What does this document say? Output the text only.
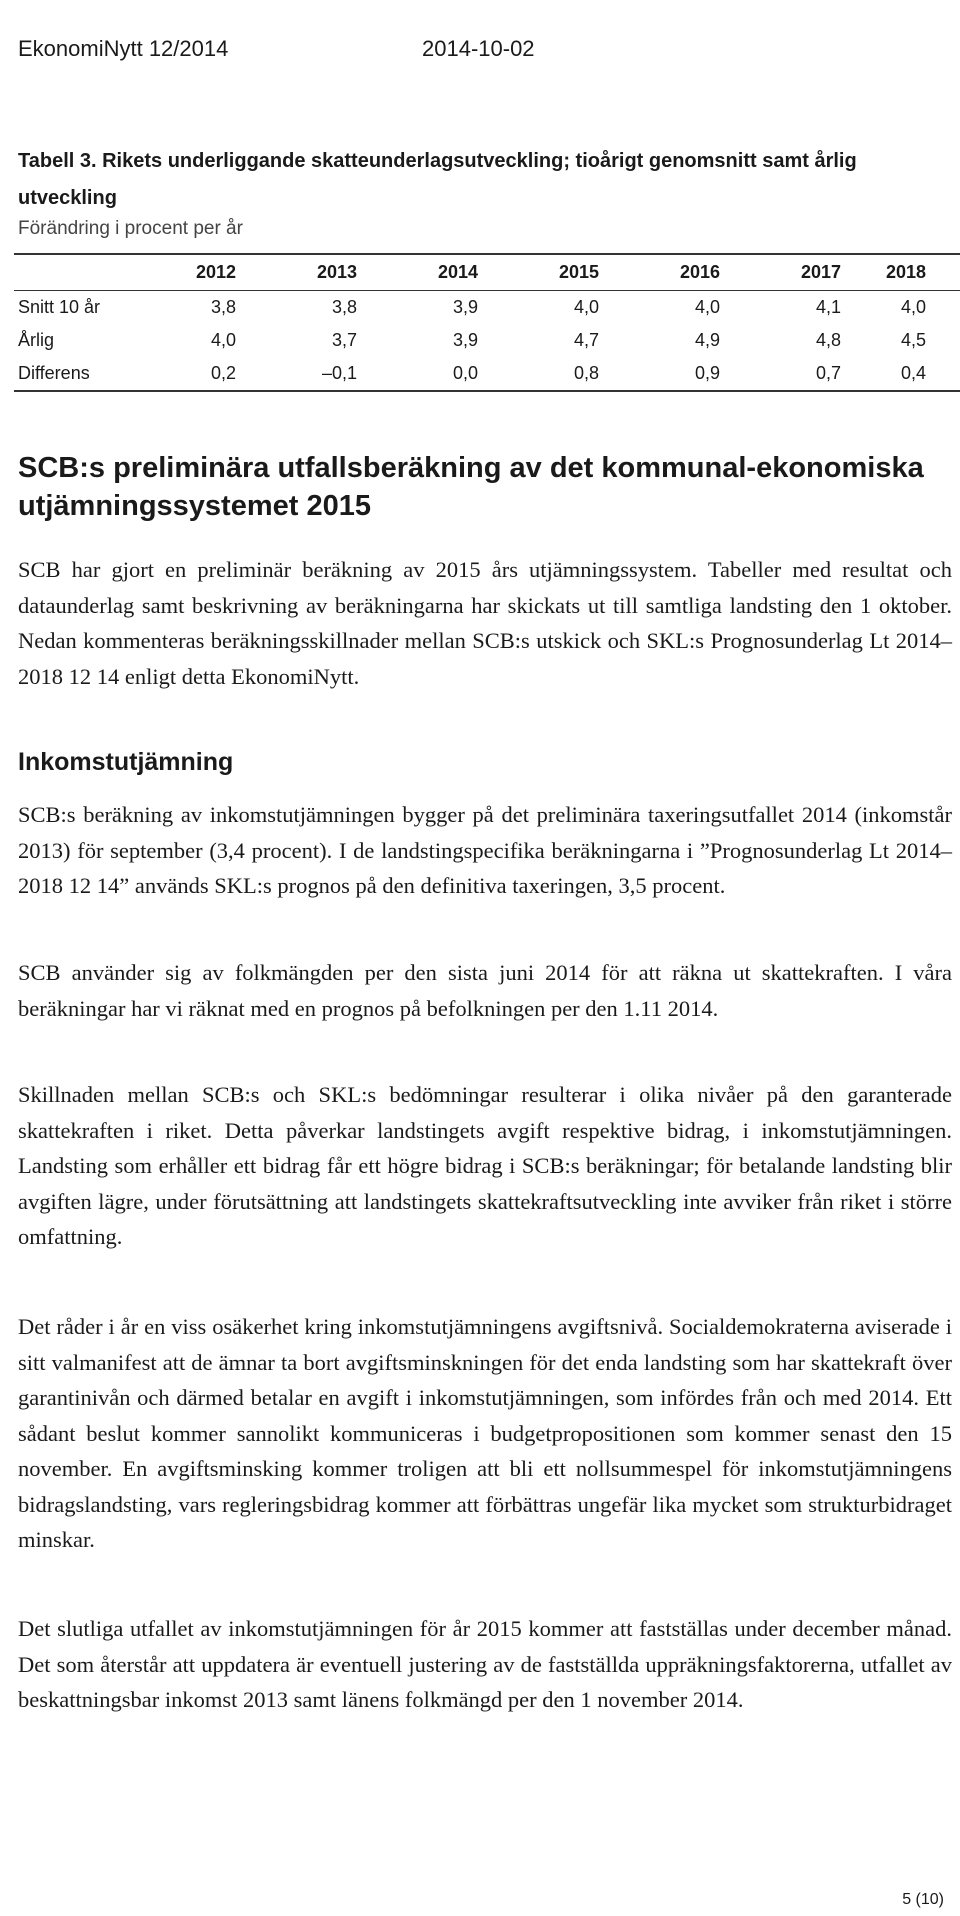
EkonomiNytt 12/2014	2014-10-02
Tabell 3. Rikets underliggande skatteunderlagsutveckling; tioårigt genomsnitt samt årlig utveckling
Förändring i procent per år
	2012	2013	2014	2015	2016	2017	2018
Snitt 10 år	3,8	3,8	3,9	4,0	4,0	4,1	4,0
Årlig	4,0	3,7	3,9	4,7	4,9	4,8	4,5
Differens	0,2	–0,1	0,0	0,8	0,9	0,7	0,4
SCB:s preliminära utfallsberäkning av det kommunal-ekonomiska utjämningssystemet 2015

SCB har gjort en preliminär beräkning av 2015 års utjämningssystem. Tabeller med resultat och dataunderlag samt beskrivning av beräkningarna har skickats ut till samtliga landsting den 1 oktober. Nedan kommenteras beräkningsskillnader mellan SCB:s utskick och SKL:s Prognosunderlag Lt 2014–2018 12 14 enligt detta EkonomiNytt.

Inkomstutjämning

SCB:s beräkning av inkomstutjämningen bygger på det preliminära taxeringsutfallet 2014 (inkomstår 2013) för september (3,4 procent). I de landstingspecifika beräkningarna i ”Prognosunderlag Lt 2014–2018 12 14” används SKL:s prognos på den definitiva taxeringen, 3,5 procent.

SCB använder sig av folkmängden per den sista juni 2014 för att räkna ut skattekraften. I våra beräkningar har vi räknat med en prognos på befolkningen per den 1.11 2014.

Skillnaden mellan SCB:s och SKL:s bedömningar resulterar i olika nivåer på den garanterade skattekraften i riket. Detta påverkar landstingets avgift respektive bidrag, i inkomstutjämningen. Landsting som erhåller ett bidrag får ett högre bidrag i SCB:s beräkningar; för betalande landsting blir avgiften lägre, under förutsättning att landstingets skattekraftsutveckling inte avviker från riket i större omfattning.

Det råder i år en viss osäkerhet kring inkomstutjämningens avgiftsnivå. Socialdemokraterna aviserade i sitt valmanifest att de ämnar ta bort avgiftsminskningen för det enda landsting som har skattekraft över garantinivån och därmed betalar en avgift i inkomstutjämningen, som infördes från och med 2014. Ett sådant beslut kommer sannolikt kommuniceras i budgetpropositionen som kommer senast den 15 november. En avgiftsminsking kommer troligen att bli ett nollsummespel för inkomstutjämningens bidragslandsting, vars regleringsbidrag kommer att förbättras ungefär lika mycket som strukturbidraget minskar.

Det slutliga utfallet av inkomstutjämningen för år 2015 kommer att fastställas under december månad. Det som återstår att uppdatera är eventuell justering av de fastställda uppräkningsfaktorerna, utfallet av beskattningsbar inkomst 2013 samt länens folkmängd per den 1 november 2014.

5 (10)
